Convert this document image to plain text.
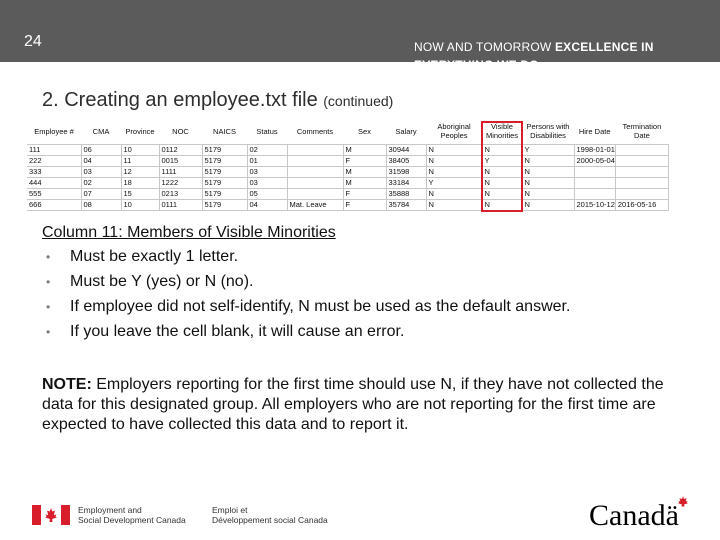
24	NOW AND TOMORROW EXCELLENCE IN EVERYTHING WE DO
2. Creating an employee.txt file (continued)
Employee #	CMA	Province	NOC	NAICS	Status	Comments	Sex	Salary	Aboriginal Peoples	Visible Minorities	Persons with Disabilities	Hire Date	Termination Date
111	06	10	0112	5179	02		M	30944	N	N	Y	1998-01-01	
222	04	11	0015	5179	01		F	38405	N	Y	N	2000-05-04	
333	03	12	1111	5179	03		M	31598	N	N	N		
444	02	18	1222	5179	03		M	33184	Y	N	N		
555	07	15	0213	5179	05		F	35888	N	N	N		
666	08	10	0111	5179	04	Mat. Leave	F	35784	N	N	N	2015-10-12	2016-05-16
Column 11: Members of Visible Minorities
• Must be exactly 1 letter.
• Must be Y (yes) or N (no).
• If employee did not self-identify, N must be used as the default answer.
• If you leave the cell blank, it will cause an error.
NOTE: Employers reporting for the first time should use N, if they have not collected the data for this designated group. All employers who are not reporting for the first time are expected to have collected this data and to report it.
Employment and
Social Development Canada
Emploi et
Développement social Canada	Canadä
